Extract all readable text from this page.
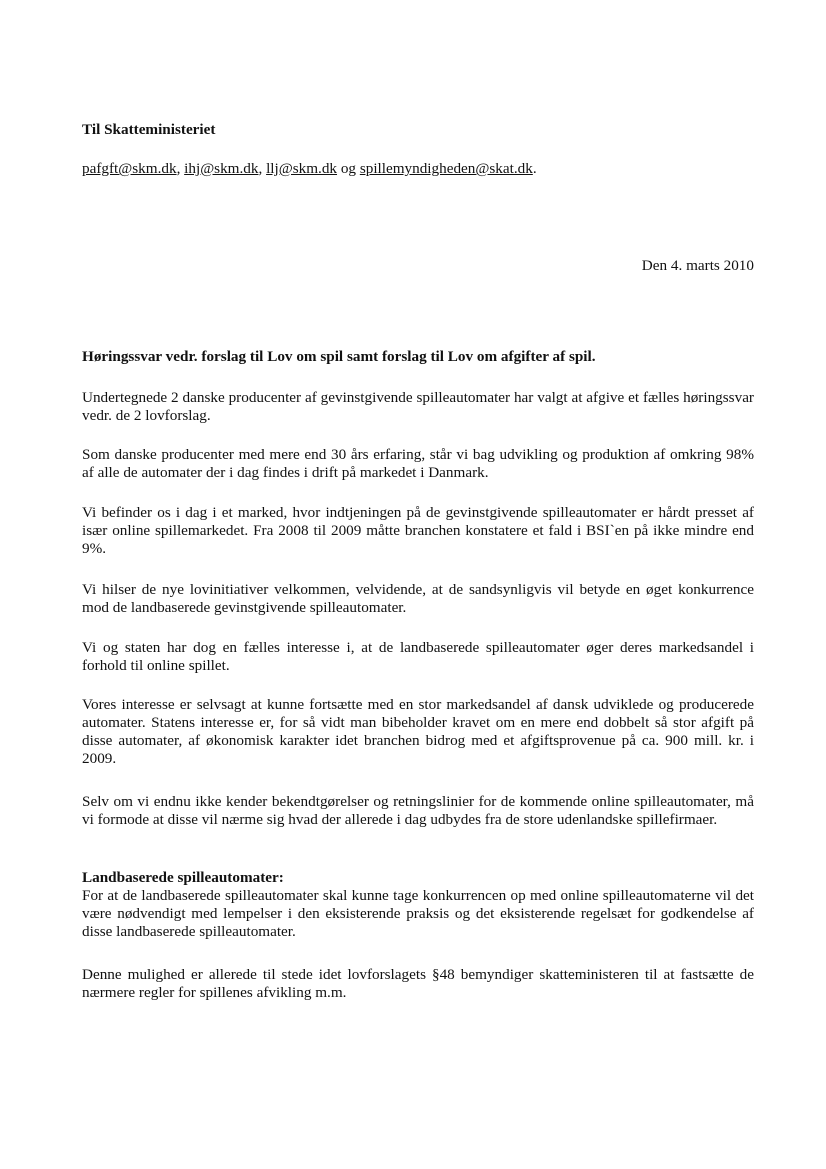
Til Skatteministeriet

pafgft@skm.dk, ihj@skm.dk, llj@skm.dk og spillemyndigheden@skat.dk.

Den 4. marts 2010

Høringssvar vedr. forslag til Lov om spil samt forslag til Lov om afgifter af spil.

Undertegnede 2 danske producenter af gevinstgivende spilleautomater har valgt at afgive et fælles høringssvar vedr. de 2 lovforslag.

Som danske producenter med mere end 30 års erfaring, står vi bag udvikling og produktion af omkring 98% af alle de automater der i dag findes i drift på markedet i Danmark.

Vi befinder os i dag i et marked, hvor indtjeningen på de gevinstgivende spilleautomater er hårdt presset af især online spillemarkedet. Fra 2008 til 2009 måtte branchen konstatere et fald i BSI`en på ikke mindre end 9%.

Vi hilser de nye lovinitiativer velkommen, velvidende, at de sandsynligvis vil betyde en øget konkurrence mod de landbaserede gevinstgivende spilleautomater.

Vi og staten har dog en fælles interesse i, at de landbaserede spilleautomater øger deres markedsandel i forhold til online spillet.

Vores interesse er selvsagt at kunne fortsætte med en stor markedsandel af dansk udviklede og producerede automater. Statens interesse er, for så vidt man bibeholder kravet om en mere end dobbelt så stor afgift på disse automater, af økonomisk karakter idet branchen bidrog med et afgiftsprovenue på ca. 900 mill. kr. i 2009.

Selv om vi endnu ikke kender bekendtgørelser og retningslinier for de kommende online spilleautomater, må vi formode at disse vil nærme sig hvad der allerede i dag udbydes fra de store udenlandske spillefirmaer.

Landbaserede spilleautomater:
For at de landbaserede spilleautomater skal kunne tage konkurrencen op med online spilleautomaterne vil det være nødvendigt med lempelser i den eksisterende praksis og det eksisterende regelsæt for godkendelse af disse landbaserede spilleautomater.

Denne mulighed er allerede til stede idet lovforslagets §48 bemyndiger skatteministeren til at fastsætte de nærmere regler for spillenes afvikling m.m.
